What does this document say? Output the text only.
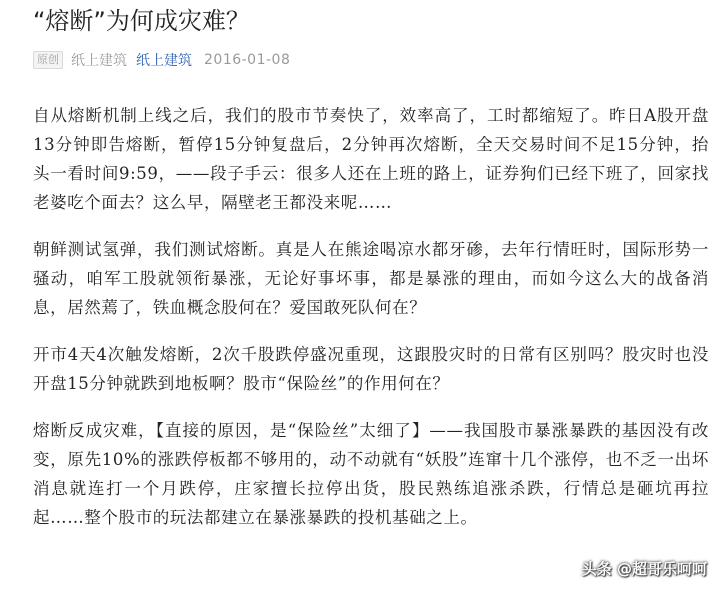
“熔断”为何成灾难？
原创 纸上建筑 纸上建筑 2016-01-08

自从熔断机制上线之后，我们的股市节奏快了，效率高了，工时都缩短了。昨日A股开盘13分钟即告熔断，暂停15分钟复盘后，2分钟再次熔断，全天交易时间不足15分钟，抬头一看时间9:59，——段子手云：很多人还在上班的路上，证券狗们已经下班了，回家找老婆吃个面去？这么早，隔壁老王都没来呢……

朝鲜测试氢弹，我们测试熔断。真是人在熊途喝凉水都牙碜，去年行情旺时，国际形势一骚动，咱军工股就领衔暴涨，无论好事坏事，都是暴涨的理由，而如今这么大的战备消息，居然蔫了，铁血概念股何在？爱国敢死队何在？

开市4天4次触发熔断，2次千股跌停盛况重现，这跟股灾时的日常有区别吗？股灾时也没开盘15分钟就跌到地板啊？股市“保险丝”的作用何在？

熔断反成灾难，【直接的原因，是“保险丝”太细了】——我国股市暴涨暴跌的基因没有改变，原先10%的涨跌停板都不够用的，动不动就有“妖股”连窜十几个涨停，也不乏一出坏消息就连打一个月跌停，庄家擅长拉停出货，股民熟练追涨杀跌，行情总是砸坑再拉起……整个股市的玩法都建立在暴涨暴跌的投机基础之上。

头条 @超哥乐呵呵
